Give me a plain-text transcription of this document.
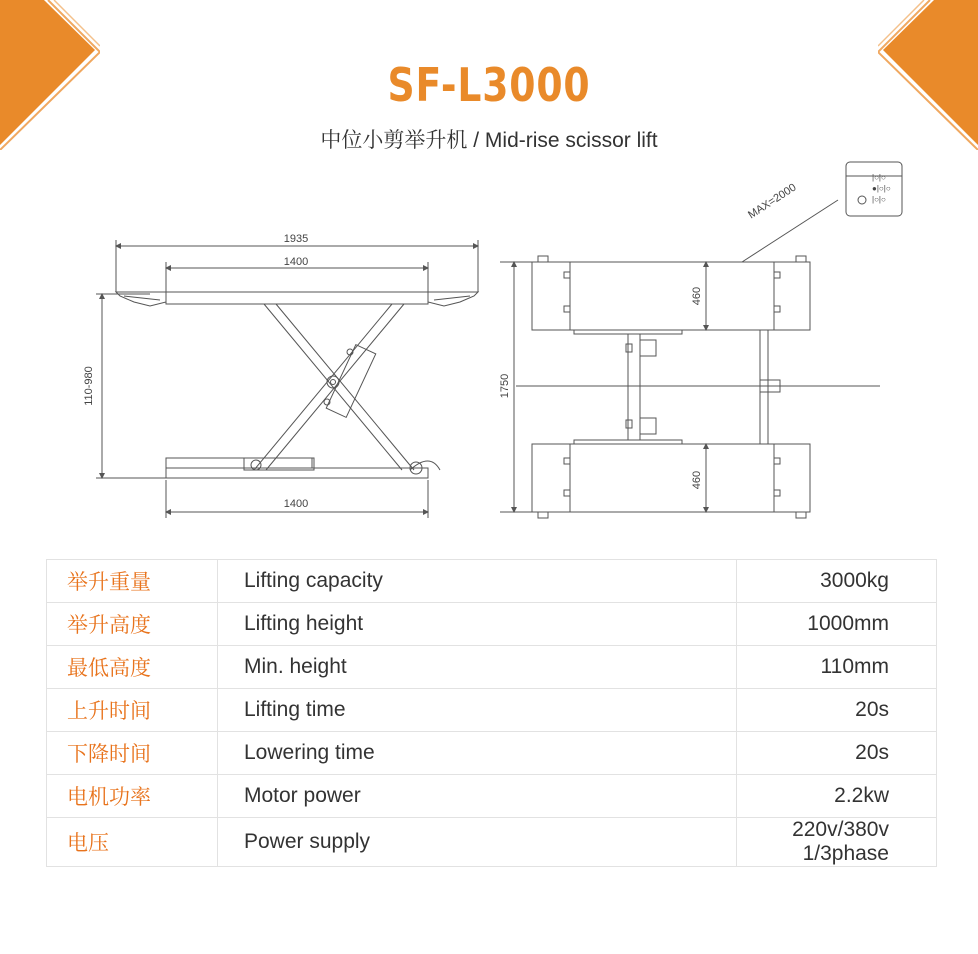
SF-L3000
中位小剪举升机 / Mid-rise scissor lift
1935
1400
1400
110-980	1750
460
460
|○|○
●|○|○
|○|○
MAX=2000
举升重量	Lifting capacity	3000kg
举升高度	Lifting height	1000mm
最低高度	Min. height	110mm
上升时间	Lifting time	20s
下降时间	Lowering time	20s
电机功率	Motor power	2.2kw
电压	Power supply	220v/380v 1/3phase
